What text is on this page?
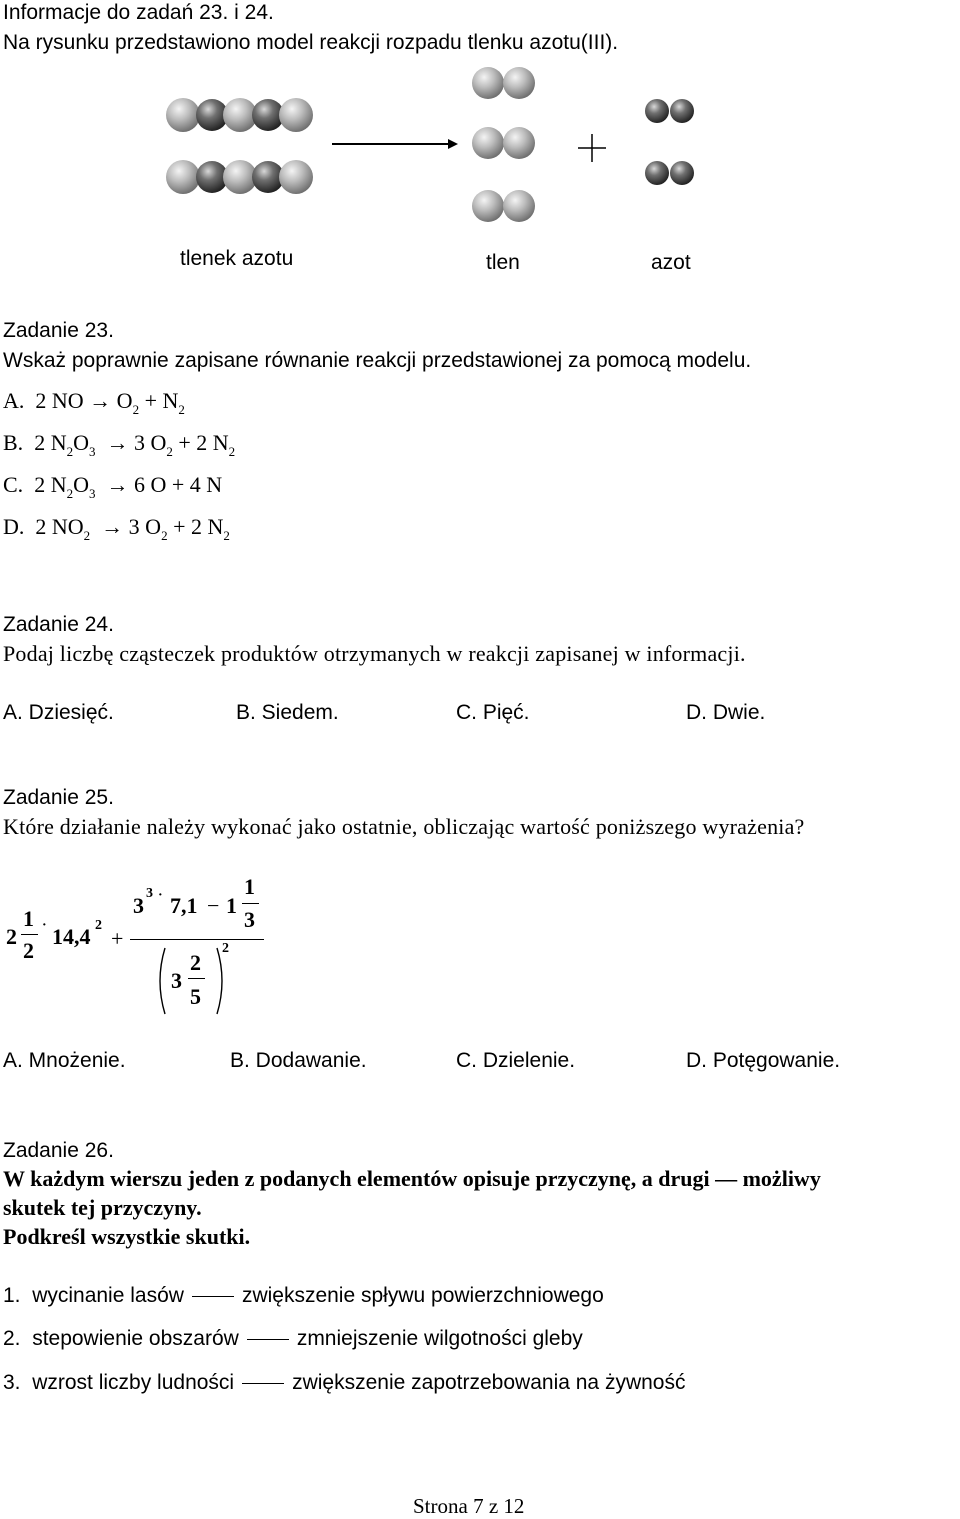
Informacje do zadań 23. i 24.
Na rysunku przedstawiono model reakcji rozpadu tlenku azotu(III).
tlenek azotu	tlen	azot
Zadanie 23.
Wskaż poprawnie zapisane równanie reakcji przedstawionej za pomocą modelu.
A. 2 NO → $O_2 + N_2$
B. 2 $N_2O_3 \to 3$ $O_2 + 2$ $N_2$
C. 2 $N_2O_3 \to 6$ O + 4 N
D. 2 $NO_2 \to 3$ $O_2 + 2$ $N_2$
Zadanie 24.
Podaj liczbę cząsteczek produktów otrzymanych w reakcji zapisanej w informacji.
A. Dziesięć.	B. Siedem.	C. Pięć.	D. Dwie.
Zadanie 25.
Które działanie należy wykonać jako ostatnie, obliczając wartość poniższego wyrażenia?
2
1
2
· 14,4 2
+
3 3 · 7,1 − 1
1
3
3
2
5
2
A. Mnożenie.	B. Dodawanie.	C. Dzielenie.	D. Potęgowanie.
Zadanie 26.
W każdym wierszu jeden z podanych elementów opisuje przyczynę, a drugi — możliwy
skutek tej przyczyny.
Podkreśl wszystkie skutki.
1. wycinanie lasów	zwiększenie spływu powierzchniowego
2. stepowienie obszarów	zmniejszenie wilgotności gleby
3. wzrost liczby ludności	zwiększenie zapotrzebowania na żywność
Strona 7 z 12
